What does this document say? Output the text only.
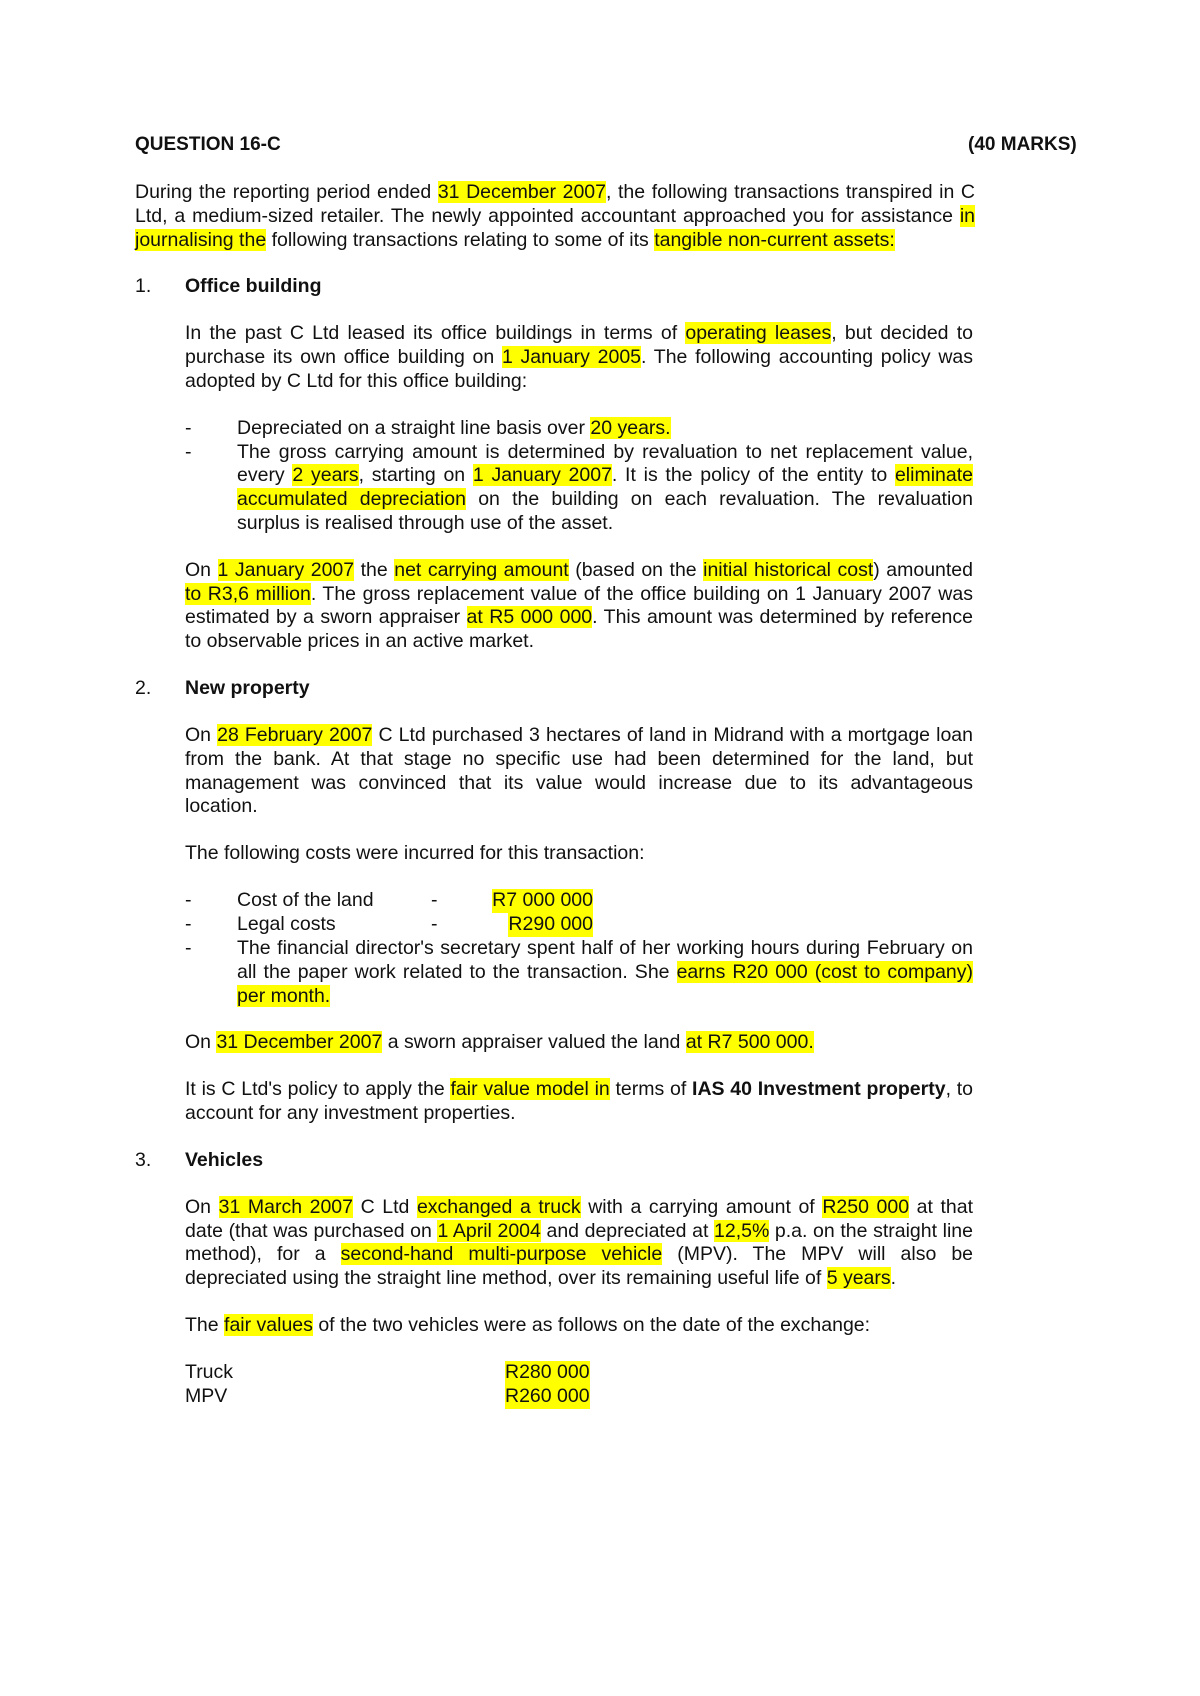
QUESTION 16-C	(40 MARKS)

During the reporting period ended 31 December 2007, the following transactions transpired in C Ltd, a medium-sized retailer. The newly appointed accountant approached you for assistance in journalising the following transactions relating to some of its tangible non-current assets:

1. Office building

In the past C Ltd leased its office buildings in terms of operating leases, but decided to purchase its own office building on 1 January 2005. The following accounting policy was adopted by C Ltd for this office building:

- Depreciated on a straight line basis over 20 years.
- The gross carrying amount is determined by revaluation to net replacement value, every 2 years, starting on 1 January 2007. It is the policy of the entity to eliminate accumulated depreciation on the building on each revaluation. The revaluation surplus is realised through use of the asset.

On 1 January 2007 the net carrying amount (based on the initial historical cost) amounted to R3,6 million. The gross replacement value of the office building on 1 January 2007 was estimated by a sworn appraiser at R5 000 000. This amount was determined by reference to observable prices in an active market.

2. New property

On 28 February 2007 C Ltd purchased 3 hectares of land in Midrand with a mortgage loan from the bank. At that stage no specific use had been determined for the land, but management was convinced that its value would increase due to its advantageous location.

The following costs were incurred for this transaction:

- Cost of the land	-	R7 000 000
- Legal costs	-	R290 000
- The financial director's secretary spent half of her working hours during February on all the paper work related to the transaction. She earns R20 000 (cost to company) per month.

On 31 December 2007 a sworn appraiser valued the land at R7 500 000.

It is C Ltd's policy to apply the fair value model in terms of IAS 40 Investment property, to account for any investment properties.

3. Vehicles

On 31 March 2007 C Ltd exchanged a truck with a carrying amount of R250 000 at that date (that was purchased on 1 April 2004 and depreciated at 12,5% p.a. on the straight line method), for a second-hand multi-purpose vehicle (MPV). The MPV will also be depreciated using the straight line method, over its remaining useful life of 5 years.

The fair values of the two vehicles were as follows on the date of the exchange:

Truck	R280 000
MPV	R260 000
